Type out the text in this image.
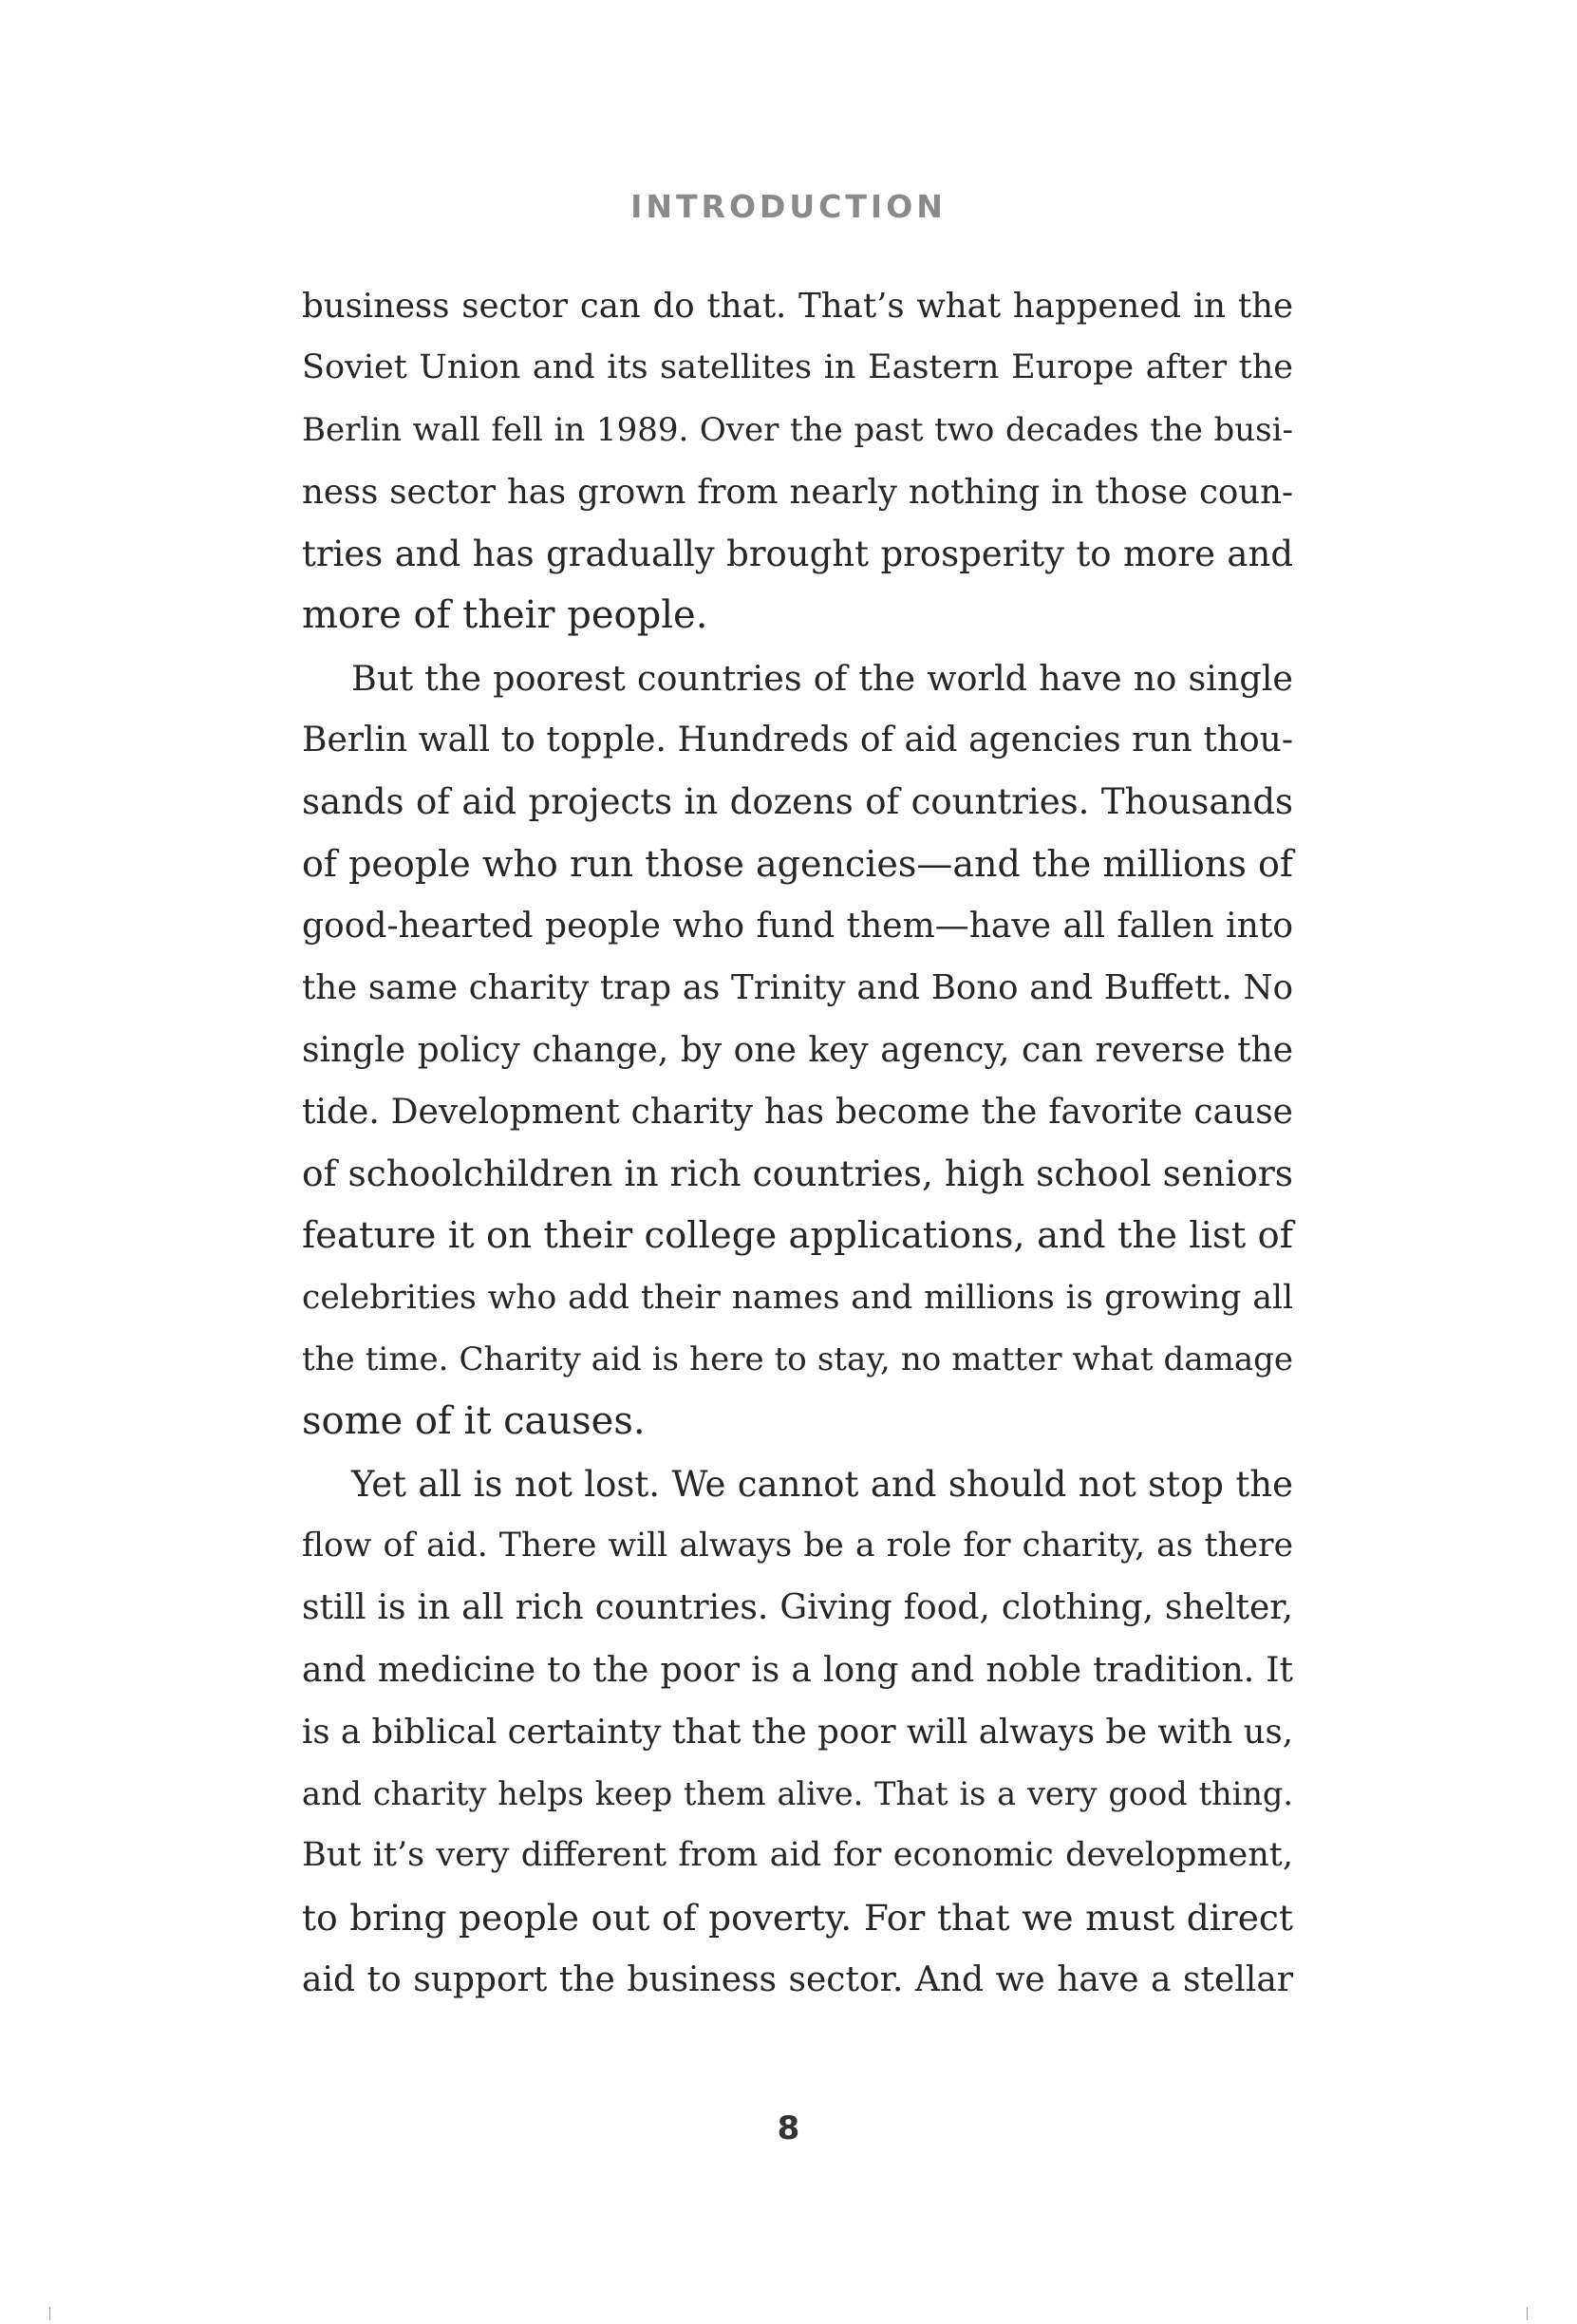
INTRODUCTION
business sector can do that. That’s what happened in the
Soviet Union and its satellites in Eastern Europe after the
Berlin wall fell in 1989. Over the past two decades the busi-
ness sector has grown from nearly nothing in those coun-
tries and has gradually brought prosperity to more and
more of their people.
But the poorest countries of the world have no single
Berlin wall to topple. Hundreds of aid agencies run thou-
sands of aid projects in dozens of countries. Thousands
of people who run those agencies—and the millions of
good-hearted people who fund them—have all fallen into
the same charity trap as Trinity and Bono and Buffett. No
single policy change, by one key agency, can reverse the
tide. Development charity has become the favorite cause
of schoolchildren in rich countries, high school seniors
feature it on their college applications, and the list of
celebrities who add their names and millions is growing all
the time. Charity aid is here to stay, no matter what damage
some of it causes.
Yet all is not lost. We cannot and should not stop the
flow of aid. There will always be a role for charity, as there
still is in all rich countries. Giving food, clothing, shelter,
and medicine to the poor is a long and noble tradition. It
is a biblical certainty that the poor will always be with us,
and charity helps keep them alive. That is a very good thing.
But it’s very different from aid for economic development,
to bring people out of poverty. For that we must direct
aid to support the business sector. And we have a stellar
8
